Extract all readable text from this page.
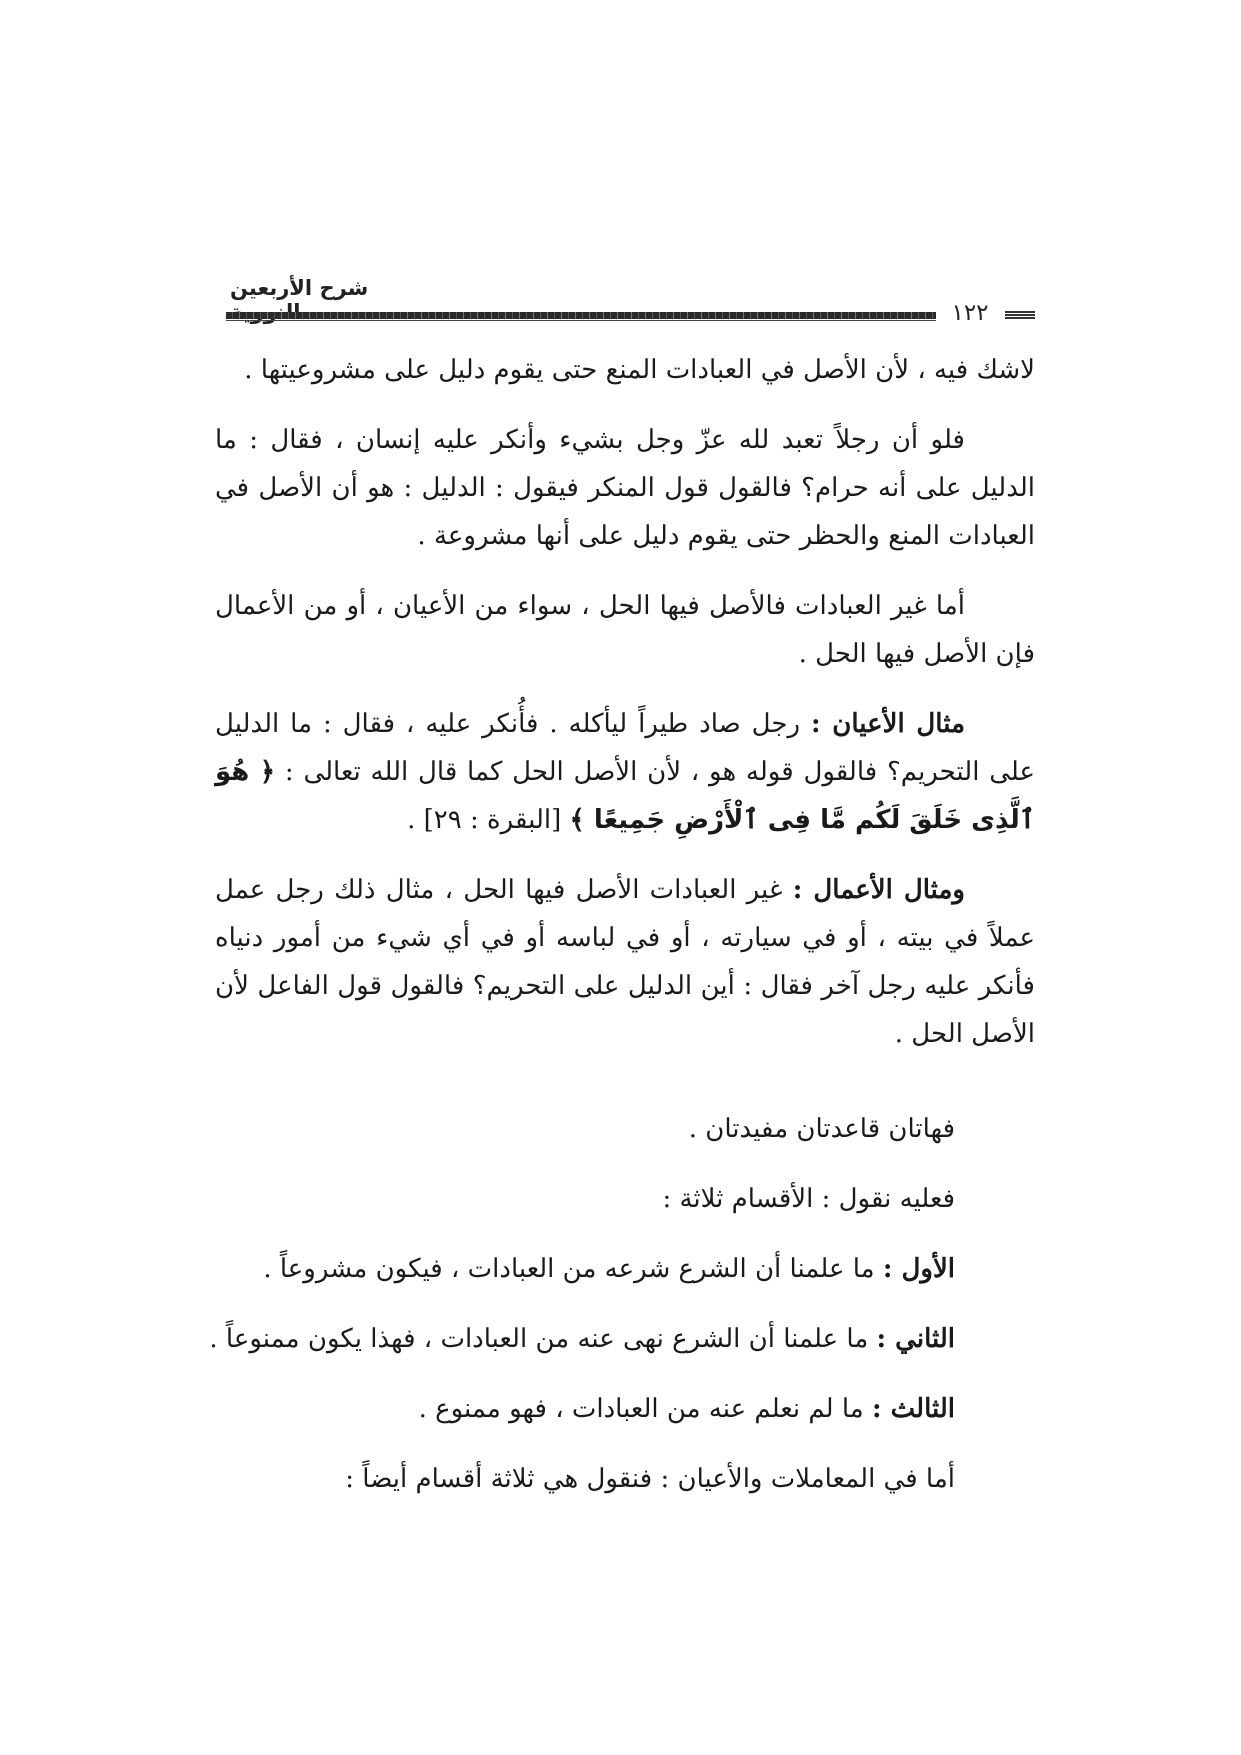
شرح الأربعين
١٢٢

لاشك فيه ، لأن الأصل في العبادات المنع حتى يقوم دليل على مشروعيتها .

فلو أن رجلاً تعبد لله عزّ وجل بشيء وأنكر عليه إنسان ، فقال : ما الدليل على أنه حرام؟ فالقول قول المنكر فيقول : الدليل : هو أن الأصل في العبادات المنع والحظر حتى يقوم دليل على أنها مشروعة .

أما غير العبادات فالأصل فيها الحل ، سواء من الأعيان ، أو من الأعمال فإن الأصل فيها الحل .

مثال الأعيان : رجل صاد طيراً ليأكله . فأُنكر عليه ، فقال : ما الدليل على التحريم؟ فالقول قوله هو ، لأن الأصل الحل كما قال الله تعالى : ﴿ هُوَ ٱلَّذِى خَلَقَ لَكُم مَّا فِى ٱلْأَرْضِ جَمِيعًا ﴾ [البقرة : ٢٩] .

ومثال الأعمال : غير العبادات الأصل فيها الحل ، مثال ذلك رجل عمل عملاً في بيته ، أو في سيارته ، أو في لباسه أو في أي شيء من أمور دنياه فأنكر عليه رجل آخر فقال : أين الدليل على التحريم؟ فالقول قول الفاعل لأن الأصل الحل .

فهاتان قاعدتان مفيدتان .

فعليه نقول : الأقسام ثلاثة :

الأول : ما علمنا أن الشرع شرعه من العبادات ، فيكون مشروعاً .

الثاني : ما علمنا أن الشرع نهى عنه من العبادات ، فهذا يكون ممنوعاً .

الثالث : ما لم نعلم عنه من العبادات ، فهو ممنوع .

أما في المعاملات والأعيان : فنقول هي ثلاثة أقسام أيضاً :
